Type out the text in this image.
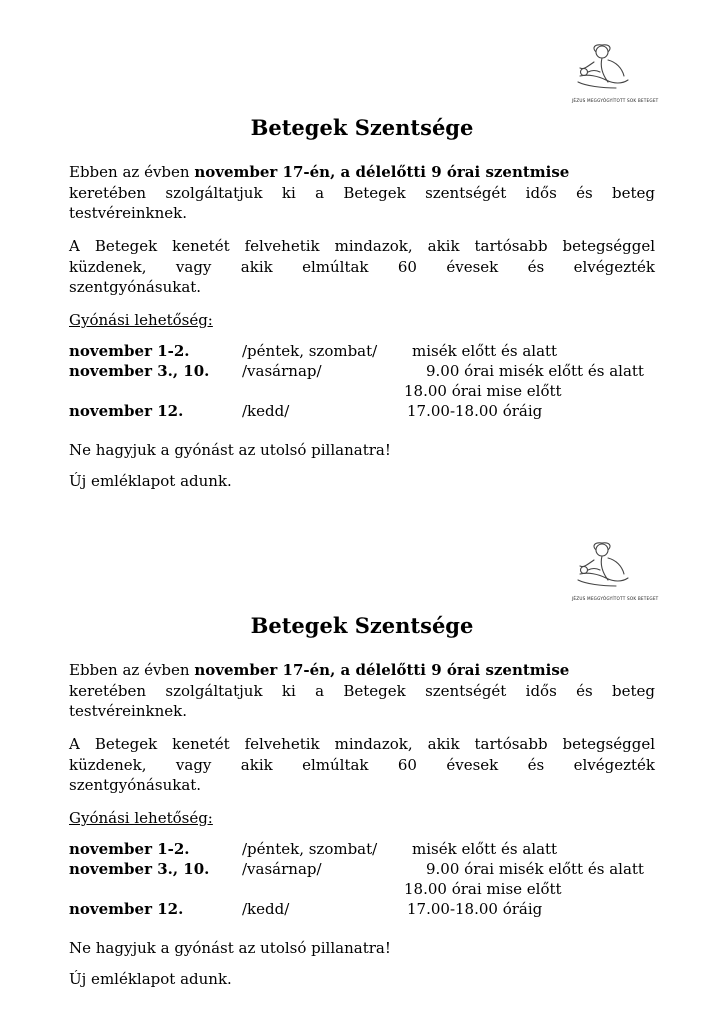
JÉZUS MEGGYÓGYÍTOTT SOK BETEGET
Betegek Szentsége
Ebben az évben november 17-én, a délelőtti 9 órai szentmise
keretében szolgáltatjuk ki a Betegek szentségét idős és beteg
testvéreinknek.
A Betegek kenetét felvehetik mindazok, akik tartósabb betegséggel
küzdenek, vagy akik elmúltak 60 évesek és elvégezték
szentgyónásukat.
Gyónási lehetőség:
november 1-2.	/péntek, szombat/ misék előtt és alatt
november 3., 10. /vasárnap/	9.00 órai misék előtt és alatt
18.00 órai mise előtt
november 12.	/kedd/	17.00-18.00 óráig
Ne hagyjuk a gyónást az utolsó pillanatra!
Új emléklapot adunk.
JÉZUS MEGGYÓGYÍTOTT SOK BETEGET
Betegek Szentsége
Ebben az évben november 17-én, a délelőtti 9 órai szentmise
keretében szolgáltatjuk ki a Betegek szentségét idős és beteg
testvéreinknek.
A Betegek kenetét felvehetik mindazok, akik tartósabb betegséggel
küzdenek, vagy akik elmúltak 60 évesek és elvégezték
szentgyónásukat.
Gyónási lehetőség:
november 1-2.	/péntek, szombat/ misék előtt és alatt
november 3., 10. /vasárnap/	9.00 órai misék előtt és alatt
18.00 órai mise előtt
november 12.	/kedd/	17.00-18.00 óráig
Ne hagyjuk a gyónást az utolsó pillanatra!
Új emléklapot adunk.
